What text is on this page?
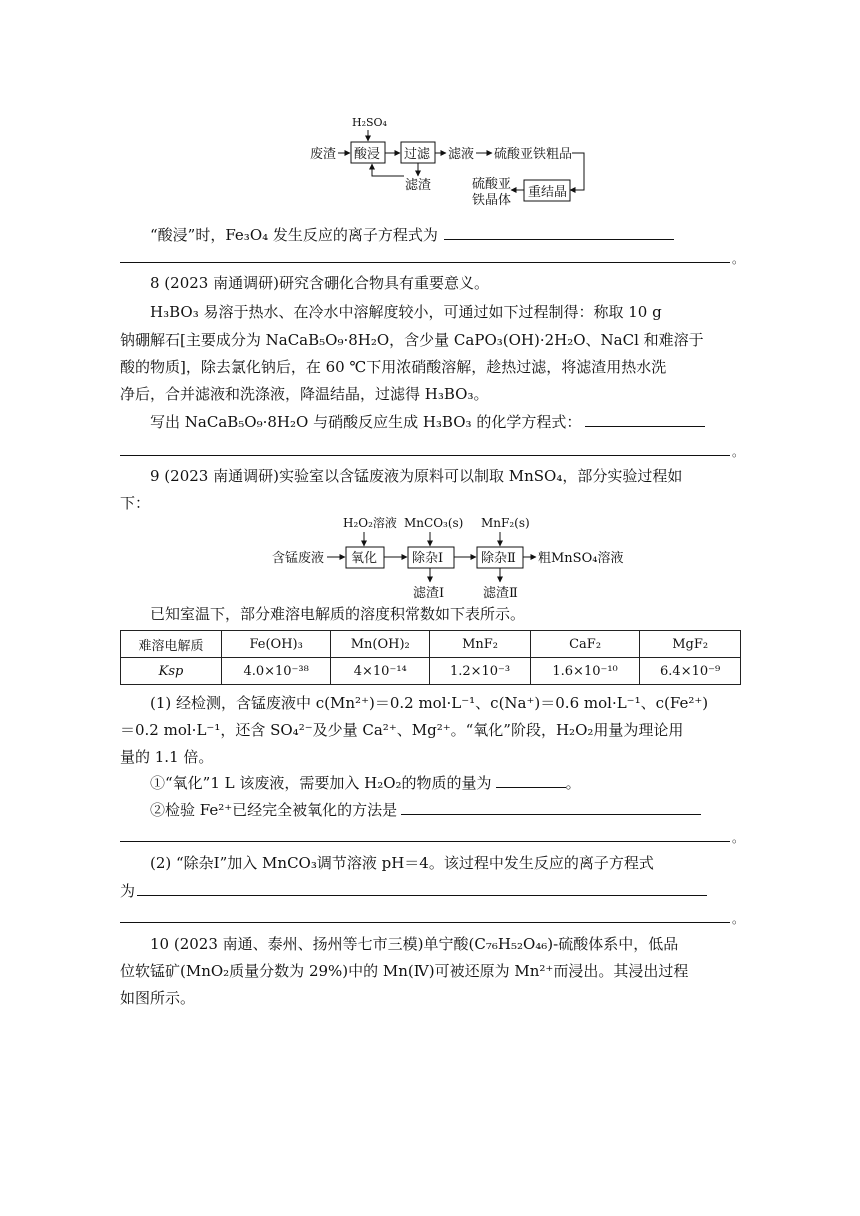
H₂SO₄
废渣 酸浸 过滤 滤液 硫酸亚铁粗品
滤渣	重结晶
硫酸亚
铁晶体
“酸浸”时，Fe₃O₄ 发生反应的离子方程式为
。
8 (2023 南通调研)研究含硼化合物具有重要意义。
H₃BO₃ 易溶于热水、在冷水中溶解度较小，可通过如下过程制得：称取 10 g
钠硼解石[主要成分为 NaCaB₅O₉·8H₂O，含少量 CaPO₃(OH)·2H₂O、NaCl 和难溶于
酸的物质]，除去氯化钠后，在 60 ℃下用浓硝酸溶解，趁热过滤，将滤渣用热水洗
净后，合并滤液和洗涤液，降温结晶，过滤得 H₃BO₃。
写出 NaCaB₅O₉·8H₂O 与硝酸反应生成 H₃BO₃ 的化学方程式：
。
9 (2023 南通调研)实验室以含锰废液为原料可以制取 MnSO₄，部分实验过程如
下：
H₂O₂溶液 MnCO₃(s) MnF₂(s)
含锰废液 氧化	除杂Ⅰ	除杂Ⅱ 粗MnSO₄溶液
滤渣Ⅰ	滤渣Ⅱ
已知室温下，部分难溶电解质的溶度积常数如下表所示。
难溶电解质	Fe(OH)₃	Mn(OH)₂	MnF₂	CaF₂	MgF₂
Ksp	4.0×10⁻³⁸	4×10⁻¹⁴	1.2×10⁻³	1.6×10⁻¹⁰	6.4×10⁻⁹
(1) 经检测，含锰废液中 c(Mn²⁺)＝0.2 mol·L⁻¹、c(Na⁺)＝0.6 mol·L⁻¹、c(Fe²⁺)
＝0.2 mol·L⁻¹，还含 SO₄²⁻及少量 Ca²⁺、Mg²⁺。“氧化”阶段，H₂O₂用量为理论用
量的 1.1 倍。
①“氧化”1 L 该废液，需要加入 H₂O₂的物质的量为	。
②检验 Fe²⁺已经完全被氧化的方法是
。
(2) “除杂Ⅰ”加入 MnCO₃调节溶液 pH＝4。该过程中发生反应的离子方程式
为
。
10 (2023 南通、泰州、扬州等七市三模)单宁酸(C₇₆H₅₂O₄₆)-硫酸体系中，低品
位软锰矿(MnO₂质量分数为 29%)中的 Mn(Ⅳ)可被还原为 Mn²⁺而浸出。其浸出过程
如图所示。
